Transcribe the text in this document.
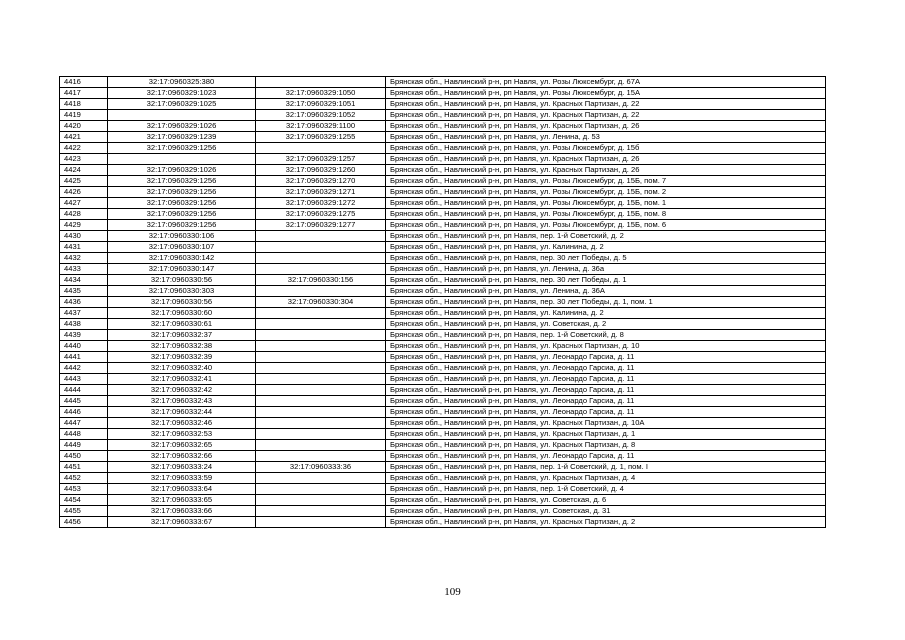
4416	32:17:0960325:380		Брянская обл., Навлинский р-н, рп Навля, ул. Розы Люксембург, д. 67А
4417	32:17:0960329:1023	32:17:0960329:1050	Брянская обл., Навлинский р-н, рп Навля, ул. Розы Люксембург, д. 15А
4418	32:17:0960329:1025	32:17:0960329:1051	Брянская обл., Навлинский р-н, рп Навля, ул. Красных Партизан, д. 22
4419		32:17:0960329:1052	Брянская обл., Навлинский р-н, рп Навля, ул. Красных Партизан, д. 22
4420	32:17:0960329:1026	32:17:0960329:1100	Брянская обл., Навлинский р-н, рп Навля, ул. Красных Партизан, д. 26
4421	32:17:0960329:1239	32:17:0960329:1255	Брянская обл., Навлинский р-н, рп Навля, ул. Ленина, д. 53
4422	32:17:0960329:1256		Брянская обл., Навлинский р-н, рп Навля, ул. Розы Люксембург, д. 15б
4423		32:17:0960329:1257	Брянская обл., Навлинский р-н, рп Навля, ул. Красных Партизан, д. 26
4424	32:17:0960329:1026	32:17:0960329:1260	Брянская обл., Навлинский р-н, рп Навля, ул. Красных Партизан, д. 26
4425	32:17:0960329:1256	32:17:0960329:1270	Брянская обл., Навлинский р-н, рп Навля, ул. Розы Люксембург, д. 15Б, пом. 7
4426	32:17:0960329:1256	32:17:0960329:1271	Брянская обл., Навлинский р-н, рп Навля, ул. Розы Люксембург, д. 15Б, пом. 2
4427	32:17:0960329:1256	32:17:0960329:1272	Брянская обл., Навлинский р-н, рп Навля, ул. Розы Люксембург, д. 15Б, пом. 1
4428	32:17:0960329:1256	32:17:0960329:1275	Брянская обл., Навлинский р-н, рп Навля, ул. Розы Люксембург, д. 15Б, пом. 8
4429	32:17:0960329:1256	32:17:0960329:1277	Брянская обл., Навлинский р-н, рп Навля, ул. Розы Люксембург, д. 15Б, пом. 6
4430	32:17:0960330:106		Брянская обл., Навлинский р-н, рп Навля, пер. 1-й Советский, д. 2
4431	32:17:0960330:107		Брянская обл., Навлинский р-н, рп Навля, ул. Калинина, д. 2
4432	32:17:0960330:142		Брянская обл., Навлинский р-н, рп Навля, пер. 30 лет Победы, д. 5
4433	32:17:0960330:147		Брянская обл., Навлинский р-н, рп Навля, ул. Ленина, д. 36а
4434	32:17:0960330:56	32:17:0960330:156	Брянская обл., Навлинский р-н, рп Навля, пер. 30 лет Победы, д. 1
4435	32:17:0960330:303		Брянская обл., Навлинский р-н, рп Навля, ул. Ленина, д. 36А
4436	32:17:0960330:56	32:17:0960330:304	Брянская обл., Навлинский р-н, рп Навля, пер. 30 лет Победы, д. 1, пом. 1
4437	32:17:0960330:60		Брянская обл., Навлинский р-н, рп Навля, ул. Калинина, д. 2
4438	32:17:0960330:61		Брянская обл., Навлинский р-н, рп Навля, ул. Советская, д. 2
4439	32:17:0960332:37		Брянская обл., Навлинский р-н, рп Навля, пер. 1-й Советский, д. 8
4440	32:17:0960332:38		Брянская обл., Навлинский р-н, рп Навля, ул. Красных Партизан, д. 10
4441	32:17:0960332:39		Брянская обл., Навлинский р-н, рп Навля, ул. Леонардо Гарсиа, д. 11
4442	32:17:0960332:40		Брянская обл., Навлинский р-н, рп Навля, ул. Леонардо Гарсиа, д. 11
4443	32:17:0960332:41		Брянская обл., Навлинский р-н, рп Навля, ул. Леонардо Гарсиа, д. 11
4444	32:17:0960332:42		Брянская обл., Навлинский р-н, рп Навля, ул. Леонардо Гарсиа, д. 11
4445	32:17:0960332:43		Брянская обл., Навлинский р-н, рп Навля, ул. Леонардо Гарсиа, д. 11
4446	32:17:0960332:44		Брянская обл., Навлинский р-н, рп Навля, ул. Леонардо Гарсиа, д. 11
4447	32:17:0960332:46		Брянская обл., Навлинский р-н, рп Навля, ул. Красных Партизан, д. 10А
4448	32:17:0960332:53		Брянская обл., Навлинский р-н, рп Навля, ул. Красных Партизан, д. 1
4449	32:17:0960332:65		Брянская обл., Навлинский р-н, рп Навля, ул. Красных Партизан, д. 8
4450	32:17:0960332:66		Брянская обл., Навлинский р-н, рп Навля, ул. Леонардо Гарсиа, д. 11
4451	32:17:0960333:24	32:17:0960333:36	Брянская обл., Навлинский р-н, рп Навля, пер. 1-й Советский, д. 1, пом. I
4452	32:17:0960333:59		Брянская обл., Навлинский р-н, рп Навля, ул. Красных Партизан, д. 4
4453	32:17:0960333:64		Брянская обл., Навлинский р-н, рп Навля, пер. 1-й Советский, д. 4
4454	32:17:0960333:65		Брянская обл., Навлинский р-н, рп Навля, ул. Советская, д. 6
4455	32:17:0960333:66		Брянская обл., Навлинский р-н, рп Навля, ул. Советская, д. 31
4456	32:17:0960333:67		Брянская обл., Навлинский р-н, рп Навля, ул. Красных Партизан, д. 2
109
